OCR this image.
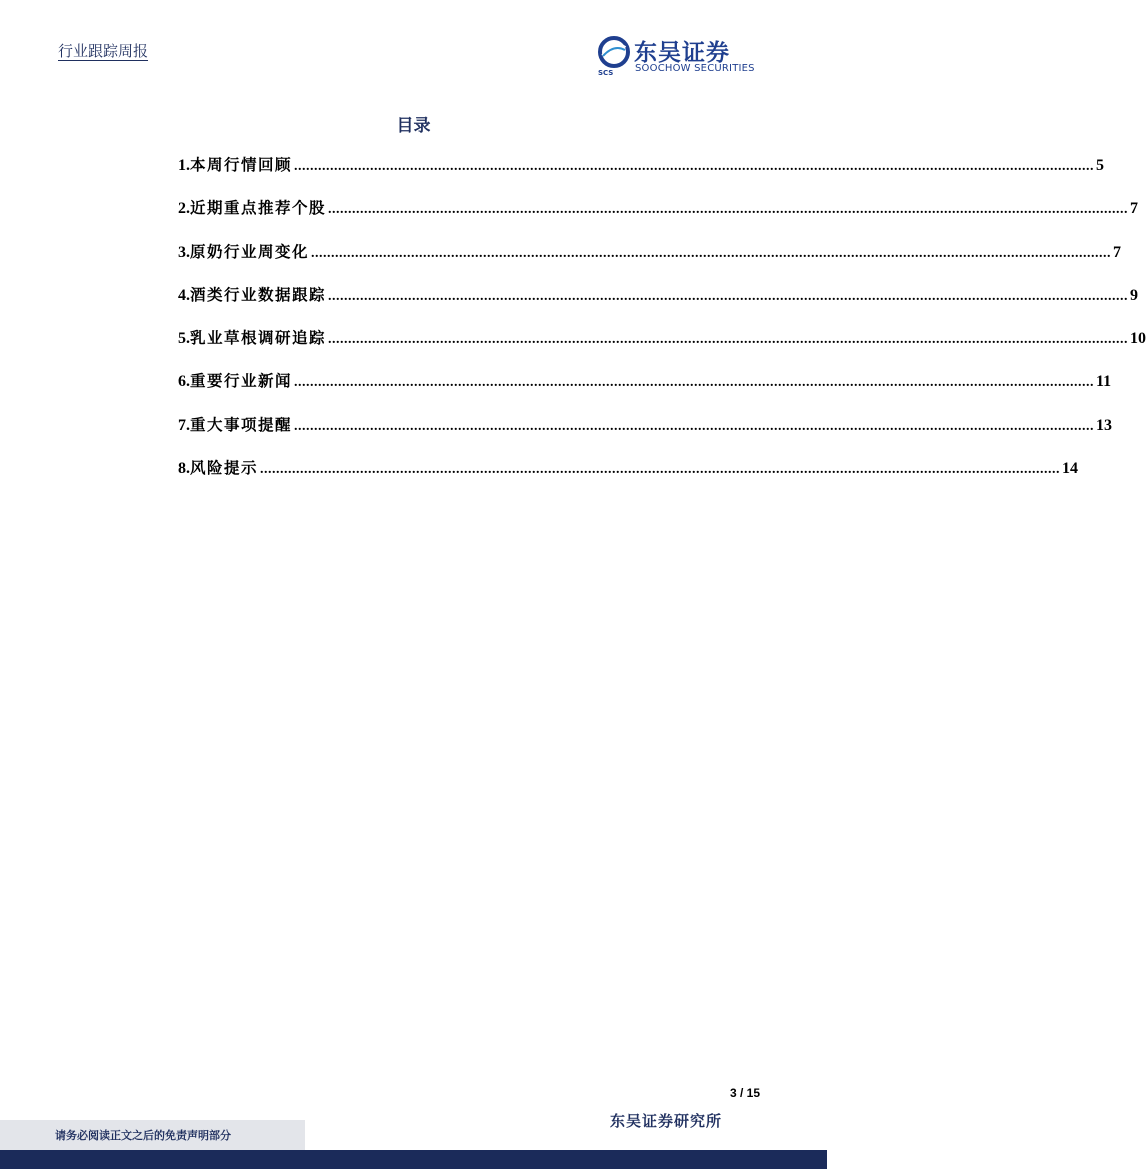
行业跟踪周报	东吴证券
SOOCHOW SECURITIES
SCS
目录
1. 本周行情回顾 ........................................................................................................................................................................................................ 5
2. 近期重点推荐个股 ........................................................................................................................................................................................................ 7
3. 原奶行业周变化 ........................................................................................................................................................................................................ 7
4. 酒类行业数据跟踪 ........................................................................................................................................................................................................ 9
5. 乳业草根调研追踪 ........................................................................................................................................................................................................ 10
6. 重要行业新闻 ........................................................................................................................................................................................................ 11
7. 重大事项提醒 ........................................................................................................................................................................................................ 13
8. 风险提示 ........................................................................................................................................................................................................ 14
3 / 15
请务必阅读正文之后的免责声明部分
东吴证券研究所
